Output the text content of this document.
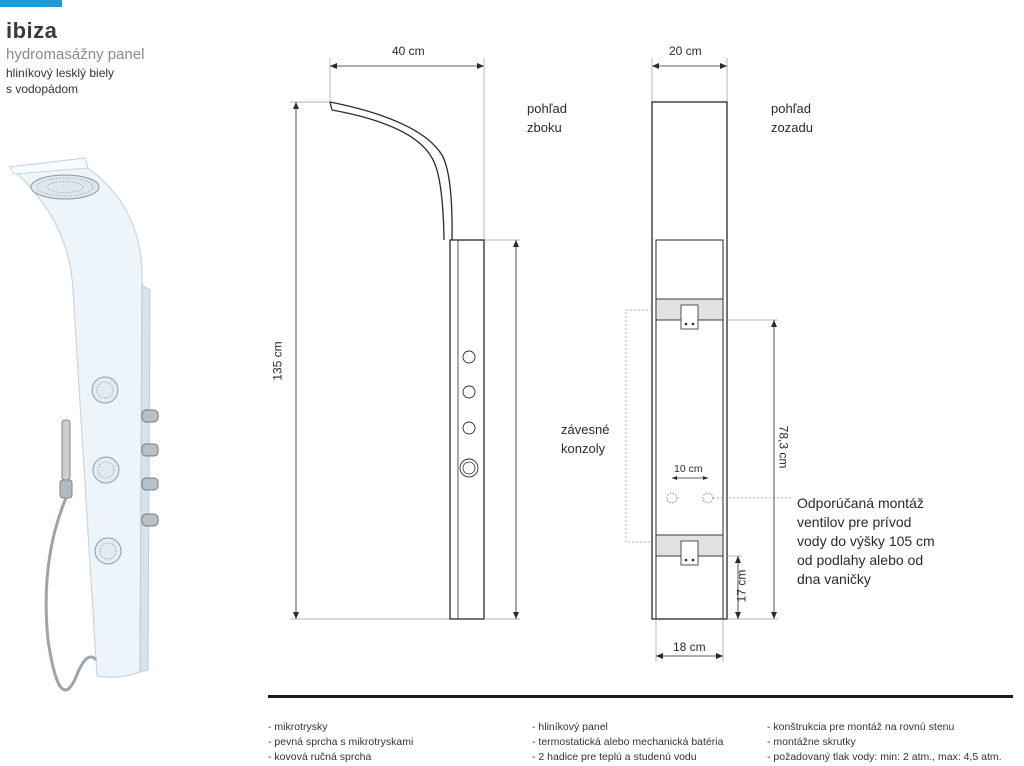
ibiza
hydromasážny panel
hliníkový lesklý biely
s vodopádom
pohľad
zboku
pohľad
zozadu
40 cm	20 cm
135 cm
78,3 cm
17 cm
18 cm
10 cm
závesné
konzoly
Odporúčaná montáž
ventilov pre prívod
vody do výšky 105 cm
od podlahy alebo od
dna vaničky
- mikrotrysky
- pevná sprcha s mikrotryskami
- kovová ručná sprcha
- hliníkový panel
- termostatická alebo mechanická batéria
- 2 hadice pre teplú a studenú vodu
- konštrukcia pre montáž na rovnú stenu
- montážne skrutky
- požadovaný tlak vody: min: 2 atm., max: 4,5 atm.
